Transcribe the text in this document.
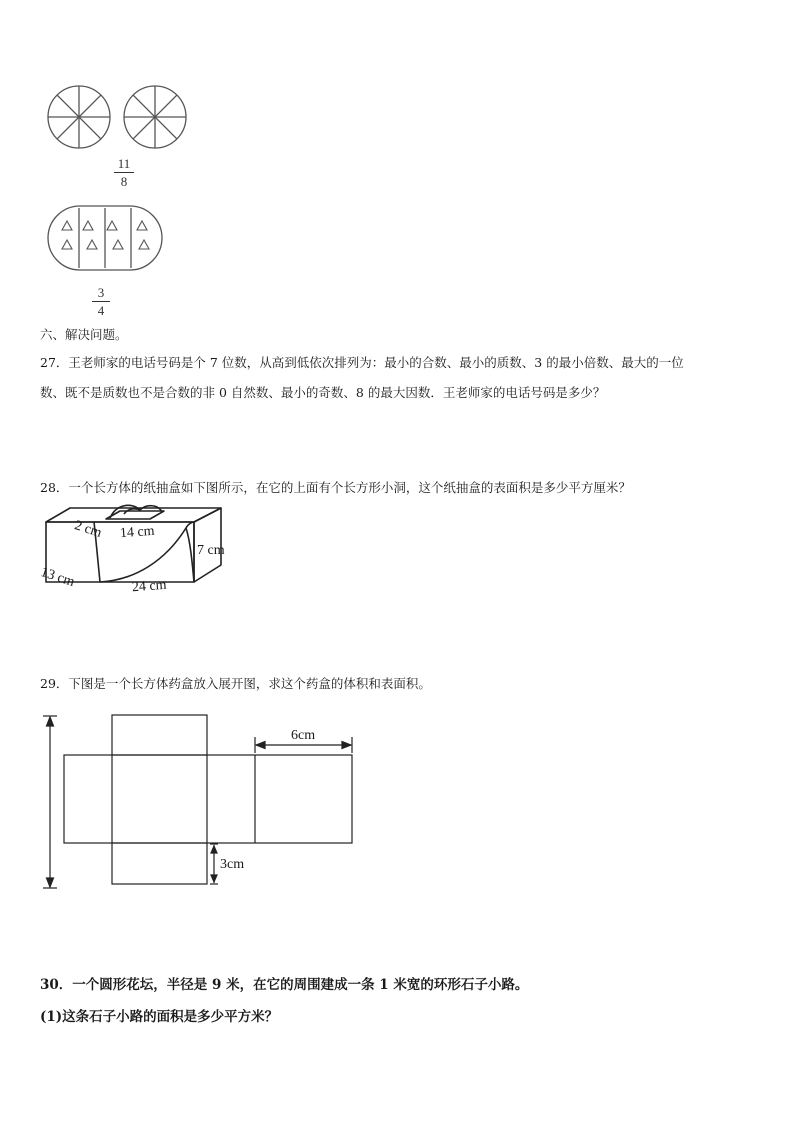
11
8
3
4
六、解决问题。
27．王老师家的电话号码是个 7 位数，从高到低依次排列为：最小的合数、最小的质数、3 的最小倍数、最大的一位
数、既不是质数也不是合数的非 0 自然数、最小的奇数、8 的最大因数．王老师家的电话号码是多少？
28．一个长方体的纸抽盒如下图所示，在它的上面有个长方形小洞，这个纸抽盒的表面积是多少平方厘米？
2 cm 14 cm
7 cm
13 cm	24 cm
29．下图是一个长方体药盒放入展开图，求这个药盒的体积和表面积。
6cm
3cm
30．一个圆形花坛，半径是 9 米，在它的周围建成一条 1 米宽的环形石子小路。
(1)这条石子小路的面积是多少平方米？
